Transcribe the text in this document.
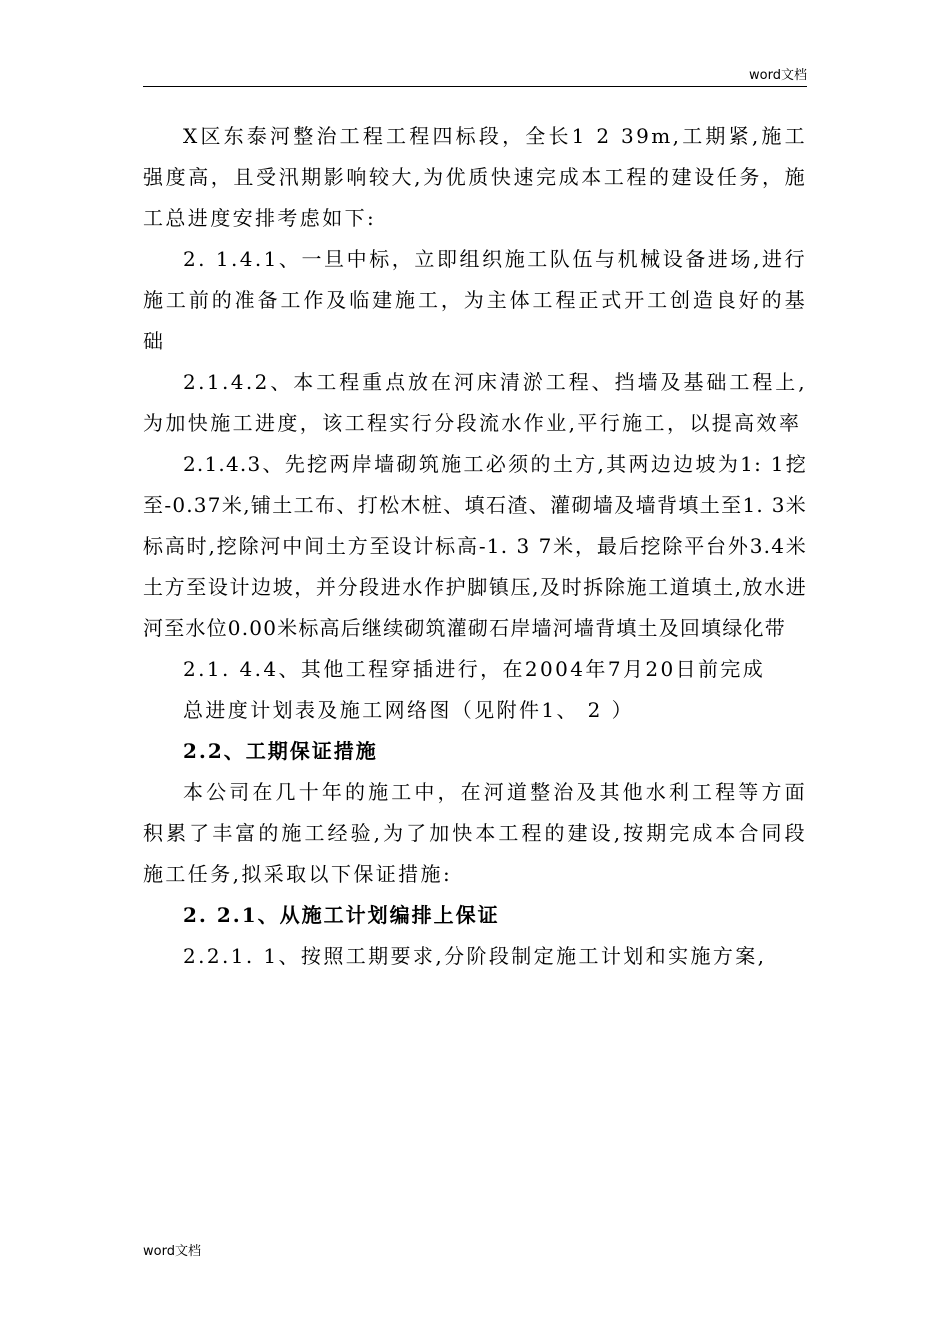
word文档

X区东泰河整治工程工程四标段，全长1 2 39m,工期紧,施工强度高，且受汛期影响较大,为优质快速完成本工程的建设任务，施工总进度安排考虑如下:

2. 1.4.1、一旦中标，立即组织施工队伍与机械设备进场,进行施工前的准备工作及临建施工，为主体工程正式开工创造良好的基础

2.1.4.2、本工程重点放在河床清淤工程、挡墙及基础工程上,为加快施工进度，该工程实行分段流水作业,平行施工，以提高效率

2.1.4.3、先挖两岸墙砌筑施工必须的土方,其两边边坡为1: 1挖至-0.37米,铺土工布、打松木桩、填石渣、灌砌墙及墙背填土至1. 3米标高时,挖除河中间土方至设计标高-1. 3 7米，最后挖除平台外3.4米土方至设计边坡，并分段进水作护脚镇压,及时拆除施工道填土,放水进河至水位0.00米标高后继续砌筑灌砌石岸墙河墙背填土及回填绿化带

2.1. 4.4、其他工程穿插进行，在2004年7月20日前完成

总进度计划表及施工网络图（见附件1、 2 ）

2.2、工期保证措施

本公司在几十年的施工中，在河道整治及其他水利工程等方面积累了丰富的施工经验,为了加快本工程的建设,按期完成本合同段施工任务,拟采取以下保证措施:

2. 2.1、从施工计划编排上保证

2.2.1. 1、按照工期要求,分阶段制定施工计划和实施方案,

word文档
